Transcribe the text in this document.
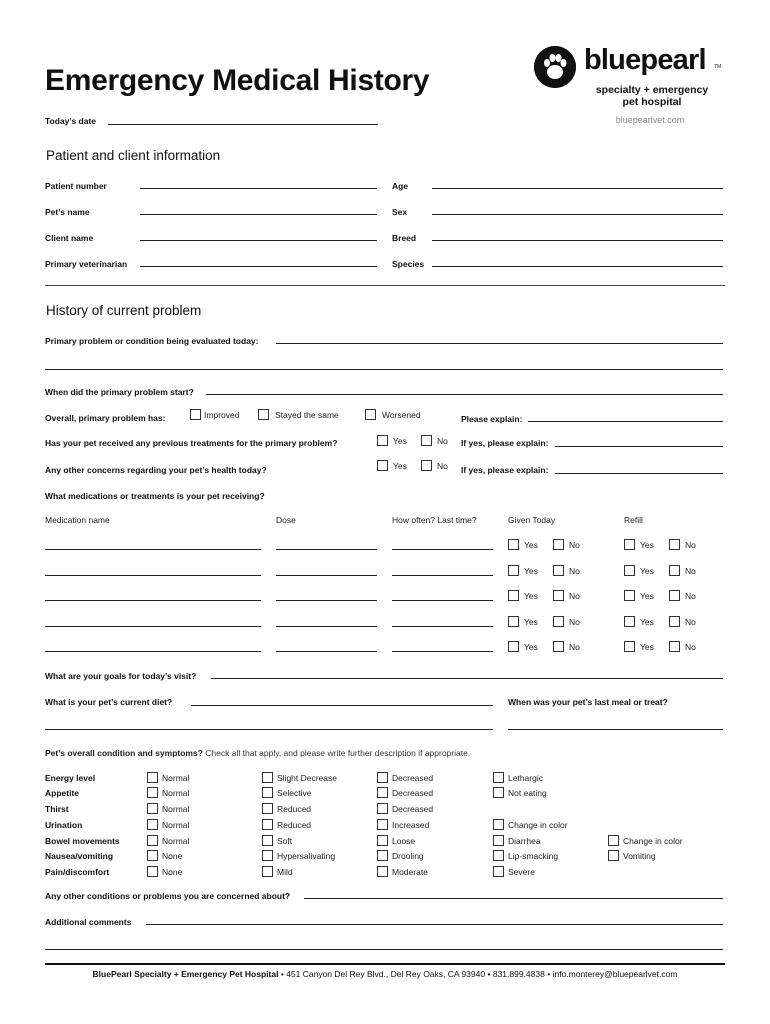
Emergency Medical History
Today’s date
bluepearl TM
specialty + emergency
pet hospital
bluepearlvet.com
Patient and client information
Patient number
Pet’s name
Client name
Primary veterinarian
Age
Sex
Breed
Species
History of current problem
Primary problem or condition being evaluated today:
When did the primary problem start?
Overall, primary problem has:	Improved	Stayed the same	Worsened	Please explain:
Has your pet received any previous treatments for the primary problem?	Yes	No If yes, please explain:
Any other concerns regarding your pet’s health today?	Yes	No If yes, please explain:
What medications or treatments is your pet receiving?
Medication name	Dose	How often? Last time?	Given Today	Refill
Yes	No	Yes	No
Yes	No	Yes	No
Yes	No	Yes	No
Yes	No	Yes	No
Yes	No	Yes	No
What are your goals for today’s visit?
What is your pet’s current diet?	When was your pet’s last meal or treat?
Pet’s overall condition and symptoms? Check all that apply, and please write further description if appropriate.
Energy level	Normal	Slight Decrease	Decreased	Lethargic
Appetite	Normal	Selective	Decreased	Not eating
Thirst	Normal	Reduced	Decreased
Urination	Normal	Reduced	Increased	Change in color
Bowel movements	Normal	Soft	Loose	Diarrhea	Change in color
Nausea/vomiting	None	Hypersalivating	Drooling	Lip-smacking	Vomiting
Pain/discomfort	None	Mild	Moderate	Severe
Any other conditions or problems you are concerned about?
Additional comments
BluePearl Specialty + Emergency Pet Hospital • 451 Canyon Del Rey Blvd., Del Rey Oaks, CA 93940 • 831.899.4838 • info.monterey@bluepearlvet.com
